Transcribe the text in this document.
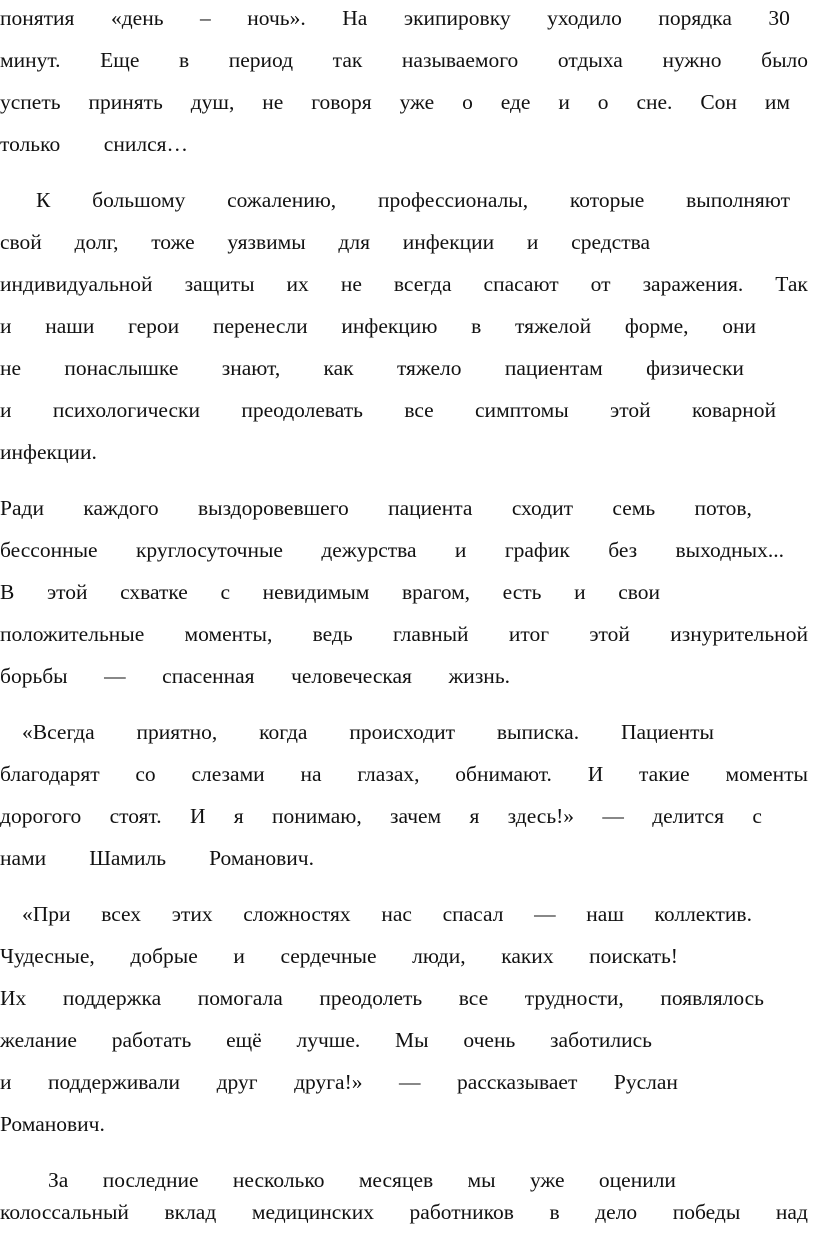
понятия «день – ночь». На экипировку уходило порядка 30
минут. Еще в период так называемого отдыха нужно было
успеть принять душ, не говоря уже о еде и о сне. Сон им
только снился…
К большому сожалению, профессионалы, которые выполняют
свой долг, тоже уязвимы для инфекции и средства
индивидуальной защиты их не всегда спасают от заражения. Так
и наши герои перенесли инфекцию в тяжелой форме, они
не понаслышке знают, как тяжело пациентам физически
и психологически преодолевать все симптомы этой коварной
инфекции.
Ради каждого выздоровевшего пациента сходит семь потов,
бессонные круглосуточные дежурства и график без выходных...
В этой схватке с невидимым врагом, есть и свои
положительные моменты, ведь главный итог этой изнурительной
борьбы — спасенная человеческая жизнь.
«Всегда приятно, когда происходит выписка. Пациенты
благодарят со слезами на глазах, обнимают. И такие моменты
дорогого стоят. И я понимаю, зачем я здесь!» — делится с
нами Шамиль Романович.
«При всех этих сложностях нас спасал — наш коллектив.
Чудесные, добрые и сердечные люди, каких поискать!
Их поддержка помогала преодолеть все трудности, появлялось
желание работать ещё лучше. Мы очень заботились
и поддерживали друг друга!» — рассказывает Руслан
Романович.
За последние несколько месяцев мы уже оценили
колоссальный вклад медицинских работников в дело победы над
